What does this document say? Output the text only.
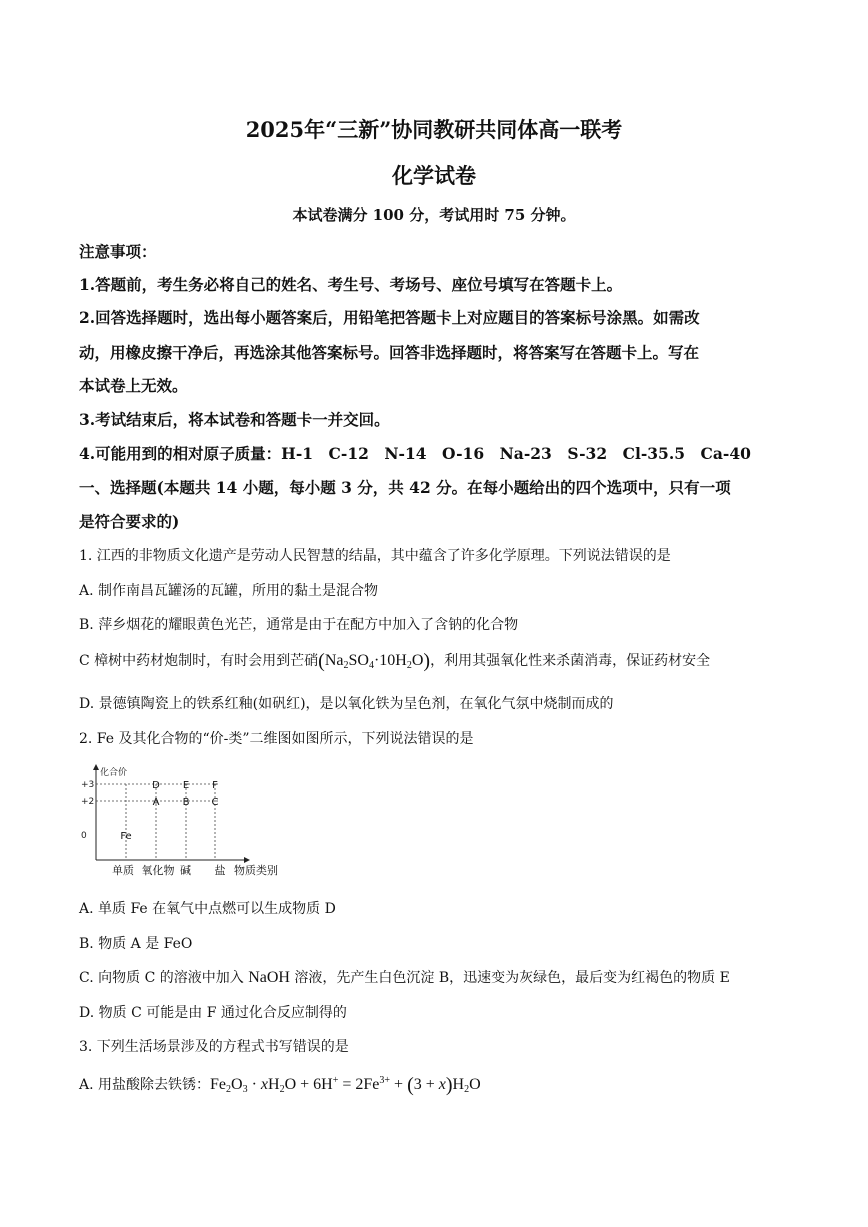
2025年“三新”协同教研共同体高一联考
化学试卷
本试卷满分 100 分，考试用时 75 分钟。
注意事项：
1.答题前，考生务必将自己的姓名、考生号、考场号、座位号填写在答题卡上。
2.回答选择题时，选出每小题答案后，用铅笔把答题卡上对应题目的答案标号涂黑。如需改
动，用橡皮擦干净后，再选涂其他答案标号。回答非选择题时，将答案写在答题卡上。写在
本试卷上无效。
3.考试结束后，将本试卷和答题卡一并交回。
4.可能用到的相对原子质量：H-1　C-12　N-14　O-16　Na-23　S-32　Cl-35.5　Ca-40
一、选择题(本题共 14 小题，每小题 3 分，共 42 分。在每小题给出的四个选项中，只有一项
是符合要求的)
1. 江西的非物质文化遗产是劳动人民智慧的结晶，其中蕴含了许多化学原理。下列说法错误的是
A. 制作南昌瓦罐汤的瓦罐，所用的黏土是混合物
B. 萍乡烟花的耀眼黄色光芒，通常是由于在配方中加入了含钠的化合物
C 樟树中药材炮制时，有时会用到芒硝$(Na_2SO_4\cdot 10H_2O)$，利用其强氧化性来杀菌消毒，保证药材安全
D. 景德镇陶瓷上的铁系红釉(如矾红)，是以氧化铁为呈色剂，在氧化气氛中烧制而成的
2. Fe 及其化合物的“价-类”二维图如图所示，下列说法错误的是
化合价
+3
+2
0	Fe
A
D
B
E
C
F
单质 氧化物 碱 盐 物质类别
A. 单质 Fe 在氧气中点燃可以生成物质 D
B. 物质 A 是 FeO
C. 向物质 C 的溶液中加入 NaOH 溶液，先产生白色沉淀 B，迅速变为灰绿色，最后变为红褐色的物质 E
D. 物质 C 可能是由 F 通过化合反应制得的
3. 下列生活场景涉及的方程式书写错误的是
A. 用盐酸除去铁锈：$Fe_2O_3 \cdot xH_2O + 6H^+ = 2Fe^{3+} + (3 + x)H_2O$
